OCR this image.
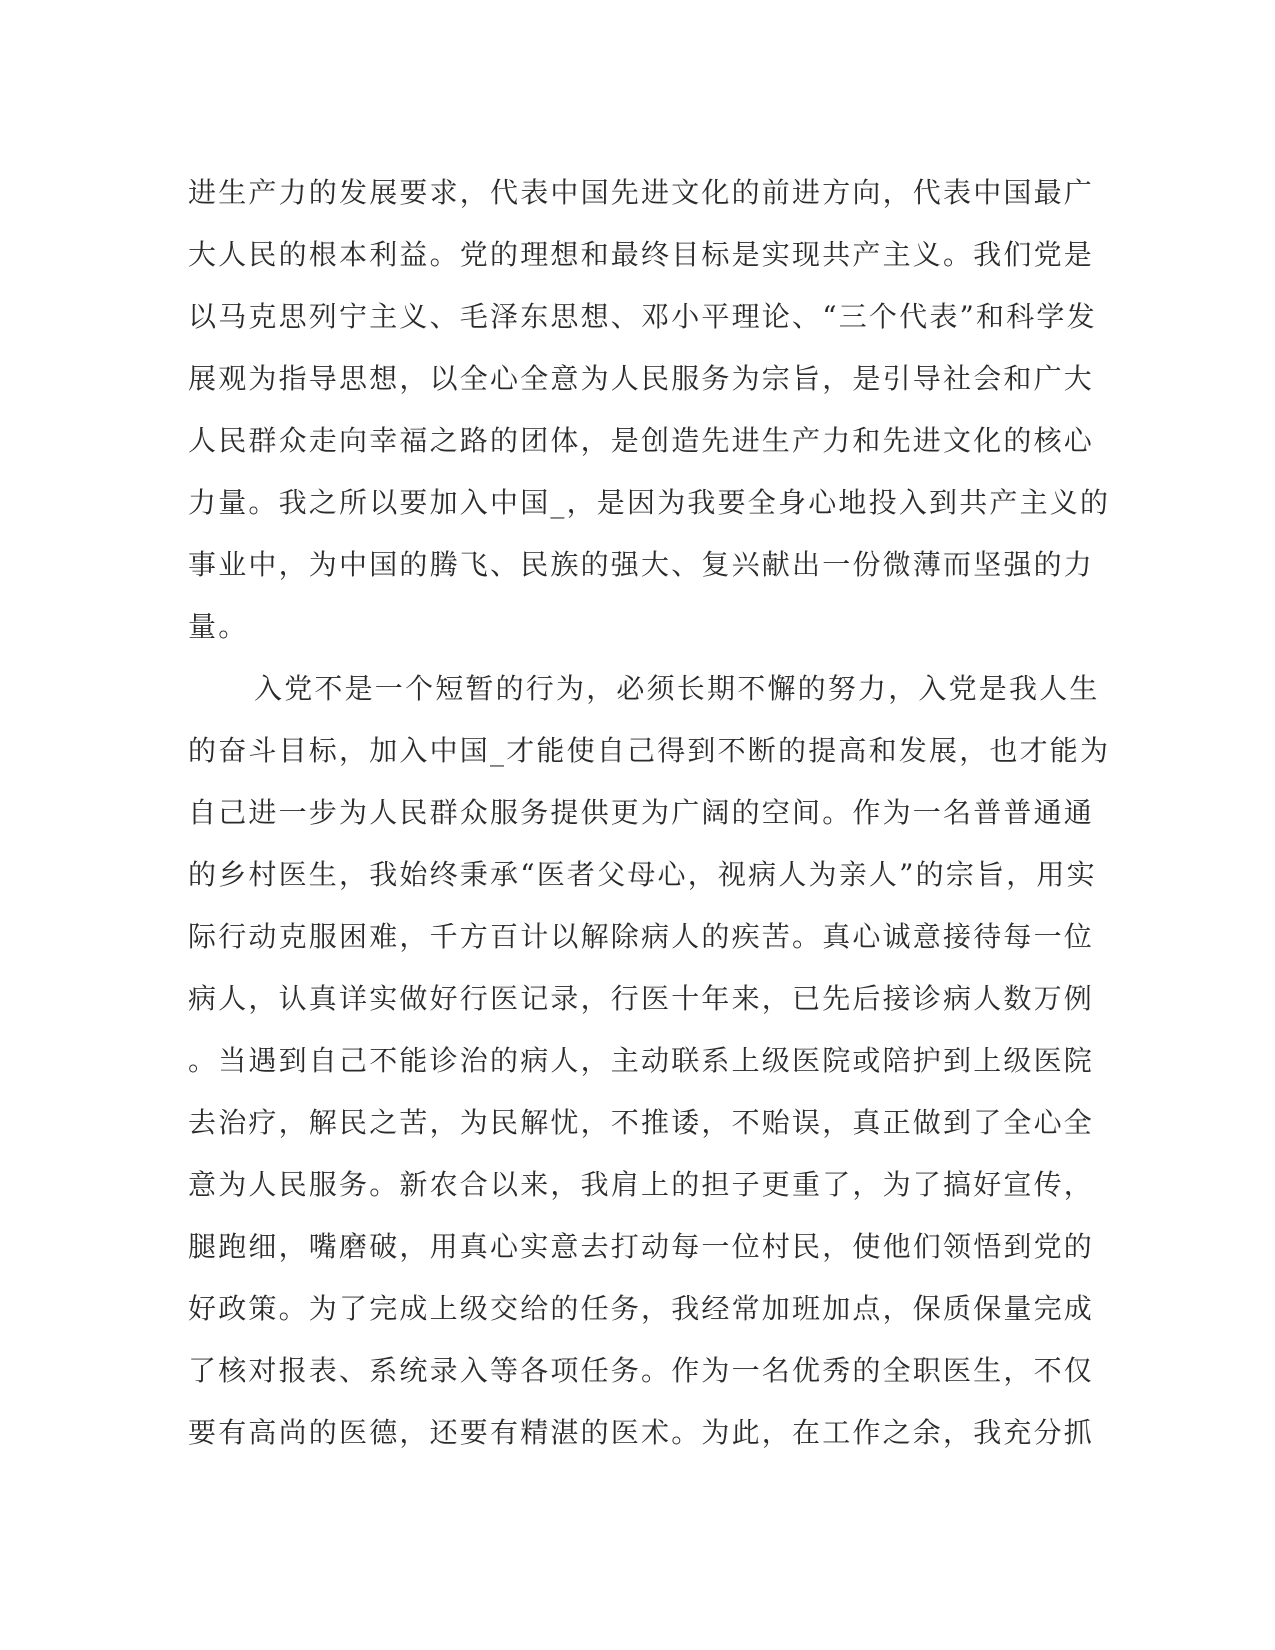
进生产力的发展要求，代表中国先进文化的前进方向，代表中国最广
大人民的根本利益。党的理想和最终目标是实现共产主义。我们党是
以马克思列宁主义、毛泽东思想、邓小平理论、“三个代表”和科学发
展观为指导思想，以全心全意为人民服务为宗旨，是引导社会和广大
人民群众走向幸福之路的团体，是创造先进生产力和先进文化的核心
力量。我之所以要加入中国_，是因为我要全身心地投入到共产主义的
事业中，为中国的腾飞、民族的强大、复兴献出一份微薄而坚强的力
量。
入党不是一个短暂的行为，必须长期不懈的努力，入党是我人生
的奋斗目标，加入中国_才能使自己得到不断的提高和发展，也才能为
自己进一步为人民群众服务提供更为广阔的空间。作为一名普普通通
的乡村医生，我始终秉承“医者父母心，视病人为亲人”的宗旨，用实
际行动克服困难，千方百计以解除病人的疾苦。真心诚意接待每一位
病人，认真详实做好行医记录，行医十年来，已先后接诊病人数万例
。当遇到自己不能诊治的病人，主动联系上级医院或陪护到上级医院
去治疗，解民之苦，为民解忧，不推诿，不贻误，真正做到了全心全
意为人民服务。新农合以来，我肩上的担子更重了，为了搞好宣传，
腿跑细，嘴磨破，用真心实意去打动每一位村民，使他们领悟到党的
好政策。为了完成上级交给的任务，我经常加班加点，保质保量完成
了核对报表、系统录入等各项任务。作为一名优秀的全职医生，不仅
要有高尚的医德，还要有精湛的医术。为此，在工作之余，我充分抓
